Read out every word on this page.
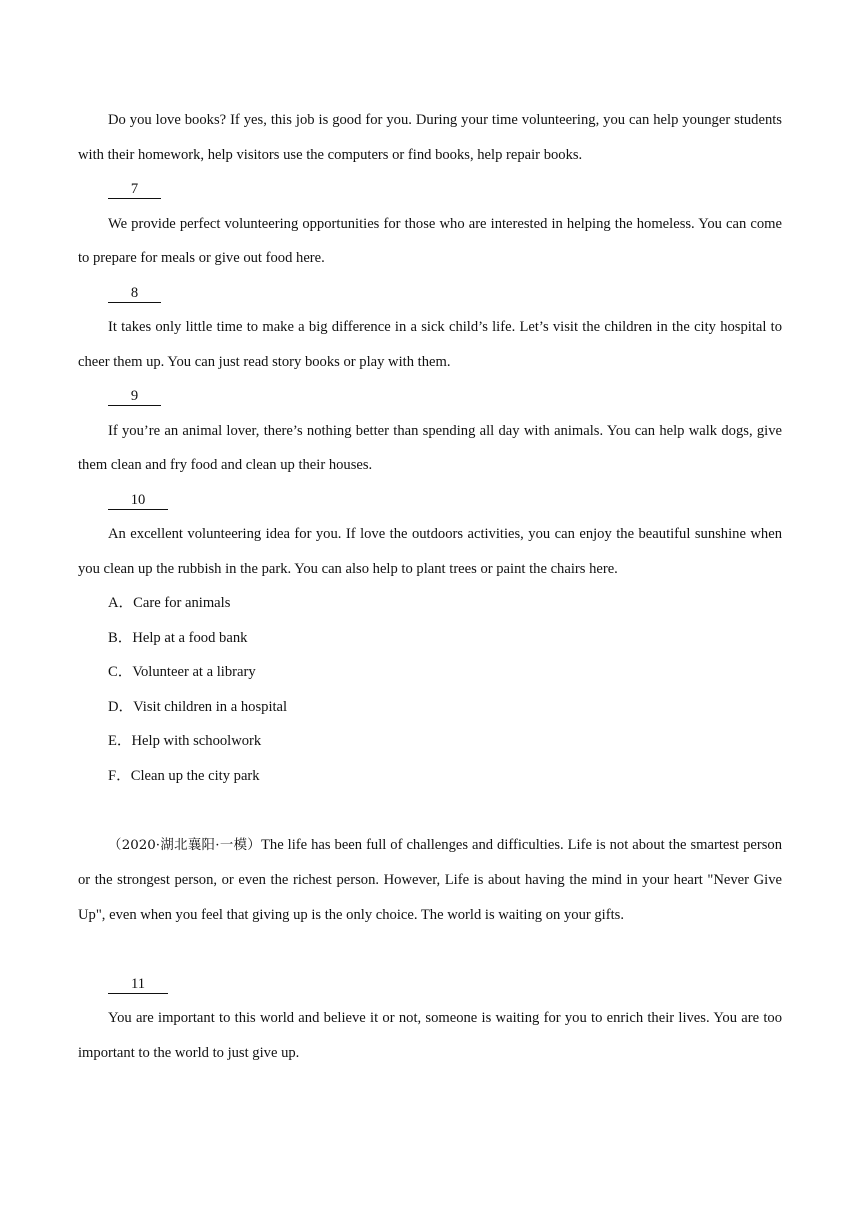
Do you love books? If yes, this job is good for you. During your time volunteering, you can help younger students with their homework, help visitors use the computers or find books, help repair books.

7

We provide perfect volunteering opportunities for those who are interested in helping the homeless. You can come to prepare for meals or give out food here.

8

It takes only little time to make a big difference in a sick child’s life. Let’s visit the children in the city hospital to cheer them up. You can just read story books or play with them.

9

If you’re an animal lover, there’s nothing better than spending all day with animals. You can help walk dogs, give them clean and fry food and clean up their houses.

10

An excellent volunteering idea for you. If love the outdoors activities, you can enjoy the beautiful sunshine when you clean up the rubbish in the park. You can also help to plant trees or paint the chairs here.

A．Care for animals
B．Help at a food bank
C．Volunteer at a library
D．Visit children in a hospital
E．Help with schoolwork
F．Clean up the city park

（2020·湖北襄阳·一模）The life has been full of challenges and difficulties. Life is not about the smartest person or the strongest person, or even the richest person. However, Life is about having the mind in your heart "Never Give Up", even when you feel that giving up is the only choice. The world is waiting on your gifts.

11

You are important to this world and believe it or not, someone is waiting for you to enrich their lives. You are too important to the world to just give up.
